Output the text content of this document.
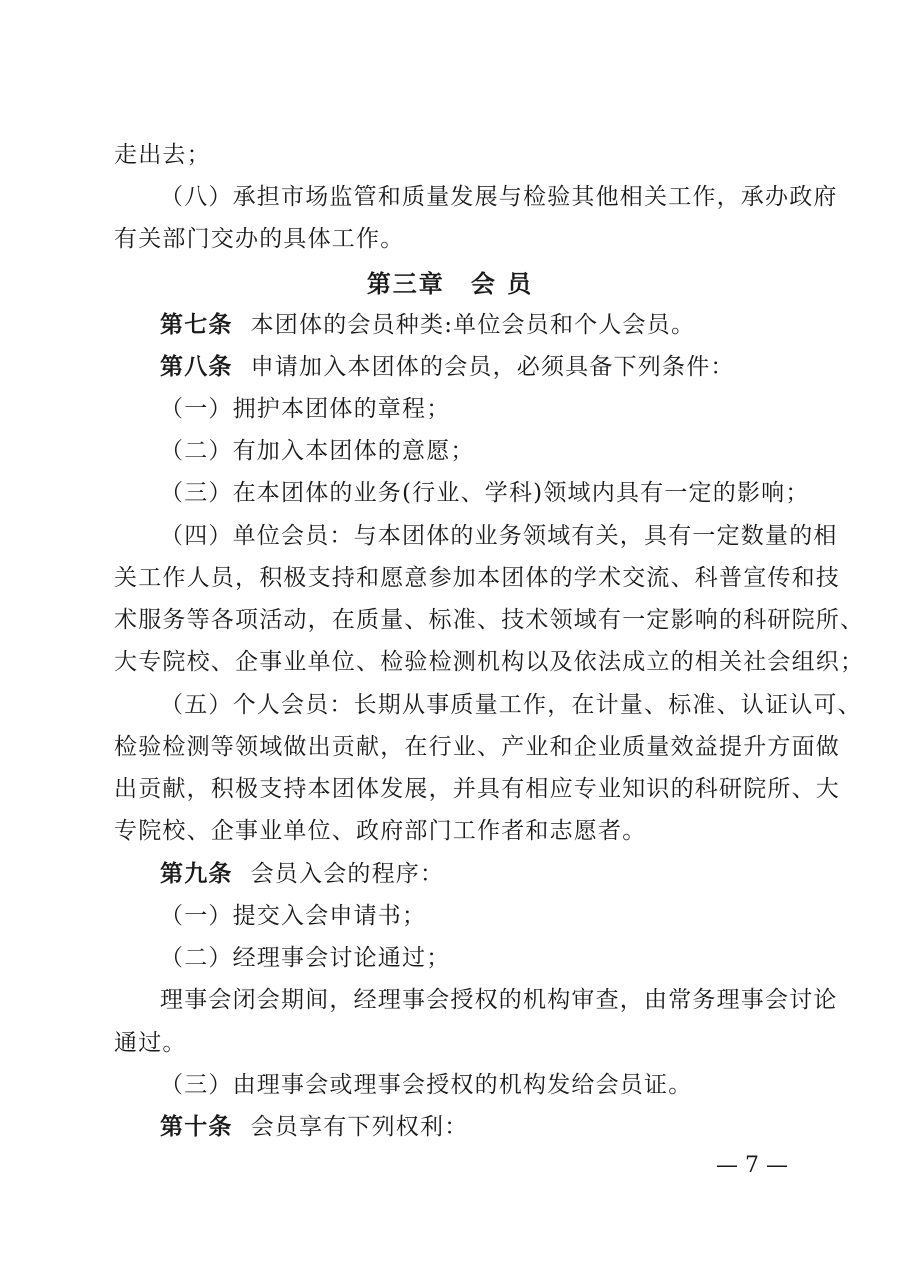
走出去；
（八）承担市场监管和质量发展与检验其他相关工作，承办政府
有关部门交办的具体工作。
第三章 会 员
第七条 本团体的会员种类:单位会员和个人会员。
第八条 申请加入本团体的会员，必须具备下列条件：
（一）拥护本团体的章程；
（二）有加入本团体的意愿；
（三）在本团体的业务(行业、学科)领域内具有一定的影响；
（四）单位会员：与本团体的业务领域有关，具有一定数量的相
关工作人员，积极支持和愿意参加本团体的学术交流、科普宣传和技
术服务等各项活动，在质量、标准、技术领域有一定影响的科研院所、
大专院校、企事业单位、检验检测机构以及依法成立的相关社会组织；
（五）个人会员：长期从事质量工作，在计量、标准、认证认可、
检验检测等领域做出贡献，在行业、产业和企业质量效益提升方面做
出贡献，积极支持本团体发展，并具有相应专业知识的科研院所、大
专院校、企事业单位、政府部门工作者和志愿者。
第九条 会员入会的程序：
（一）提交入会申请书；
（二）经理事会讨论通过；
理事会闭会期间，经理事会授权的机构审查，由常务理事会讨论
通过。
（三）由理事会或理事会授权的机构发给会员证。
第十条 会员享有下列权利：
— 7 —
